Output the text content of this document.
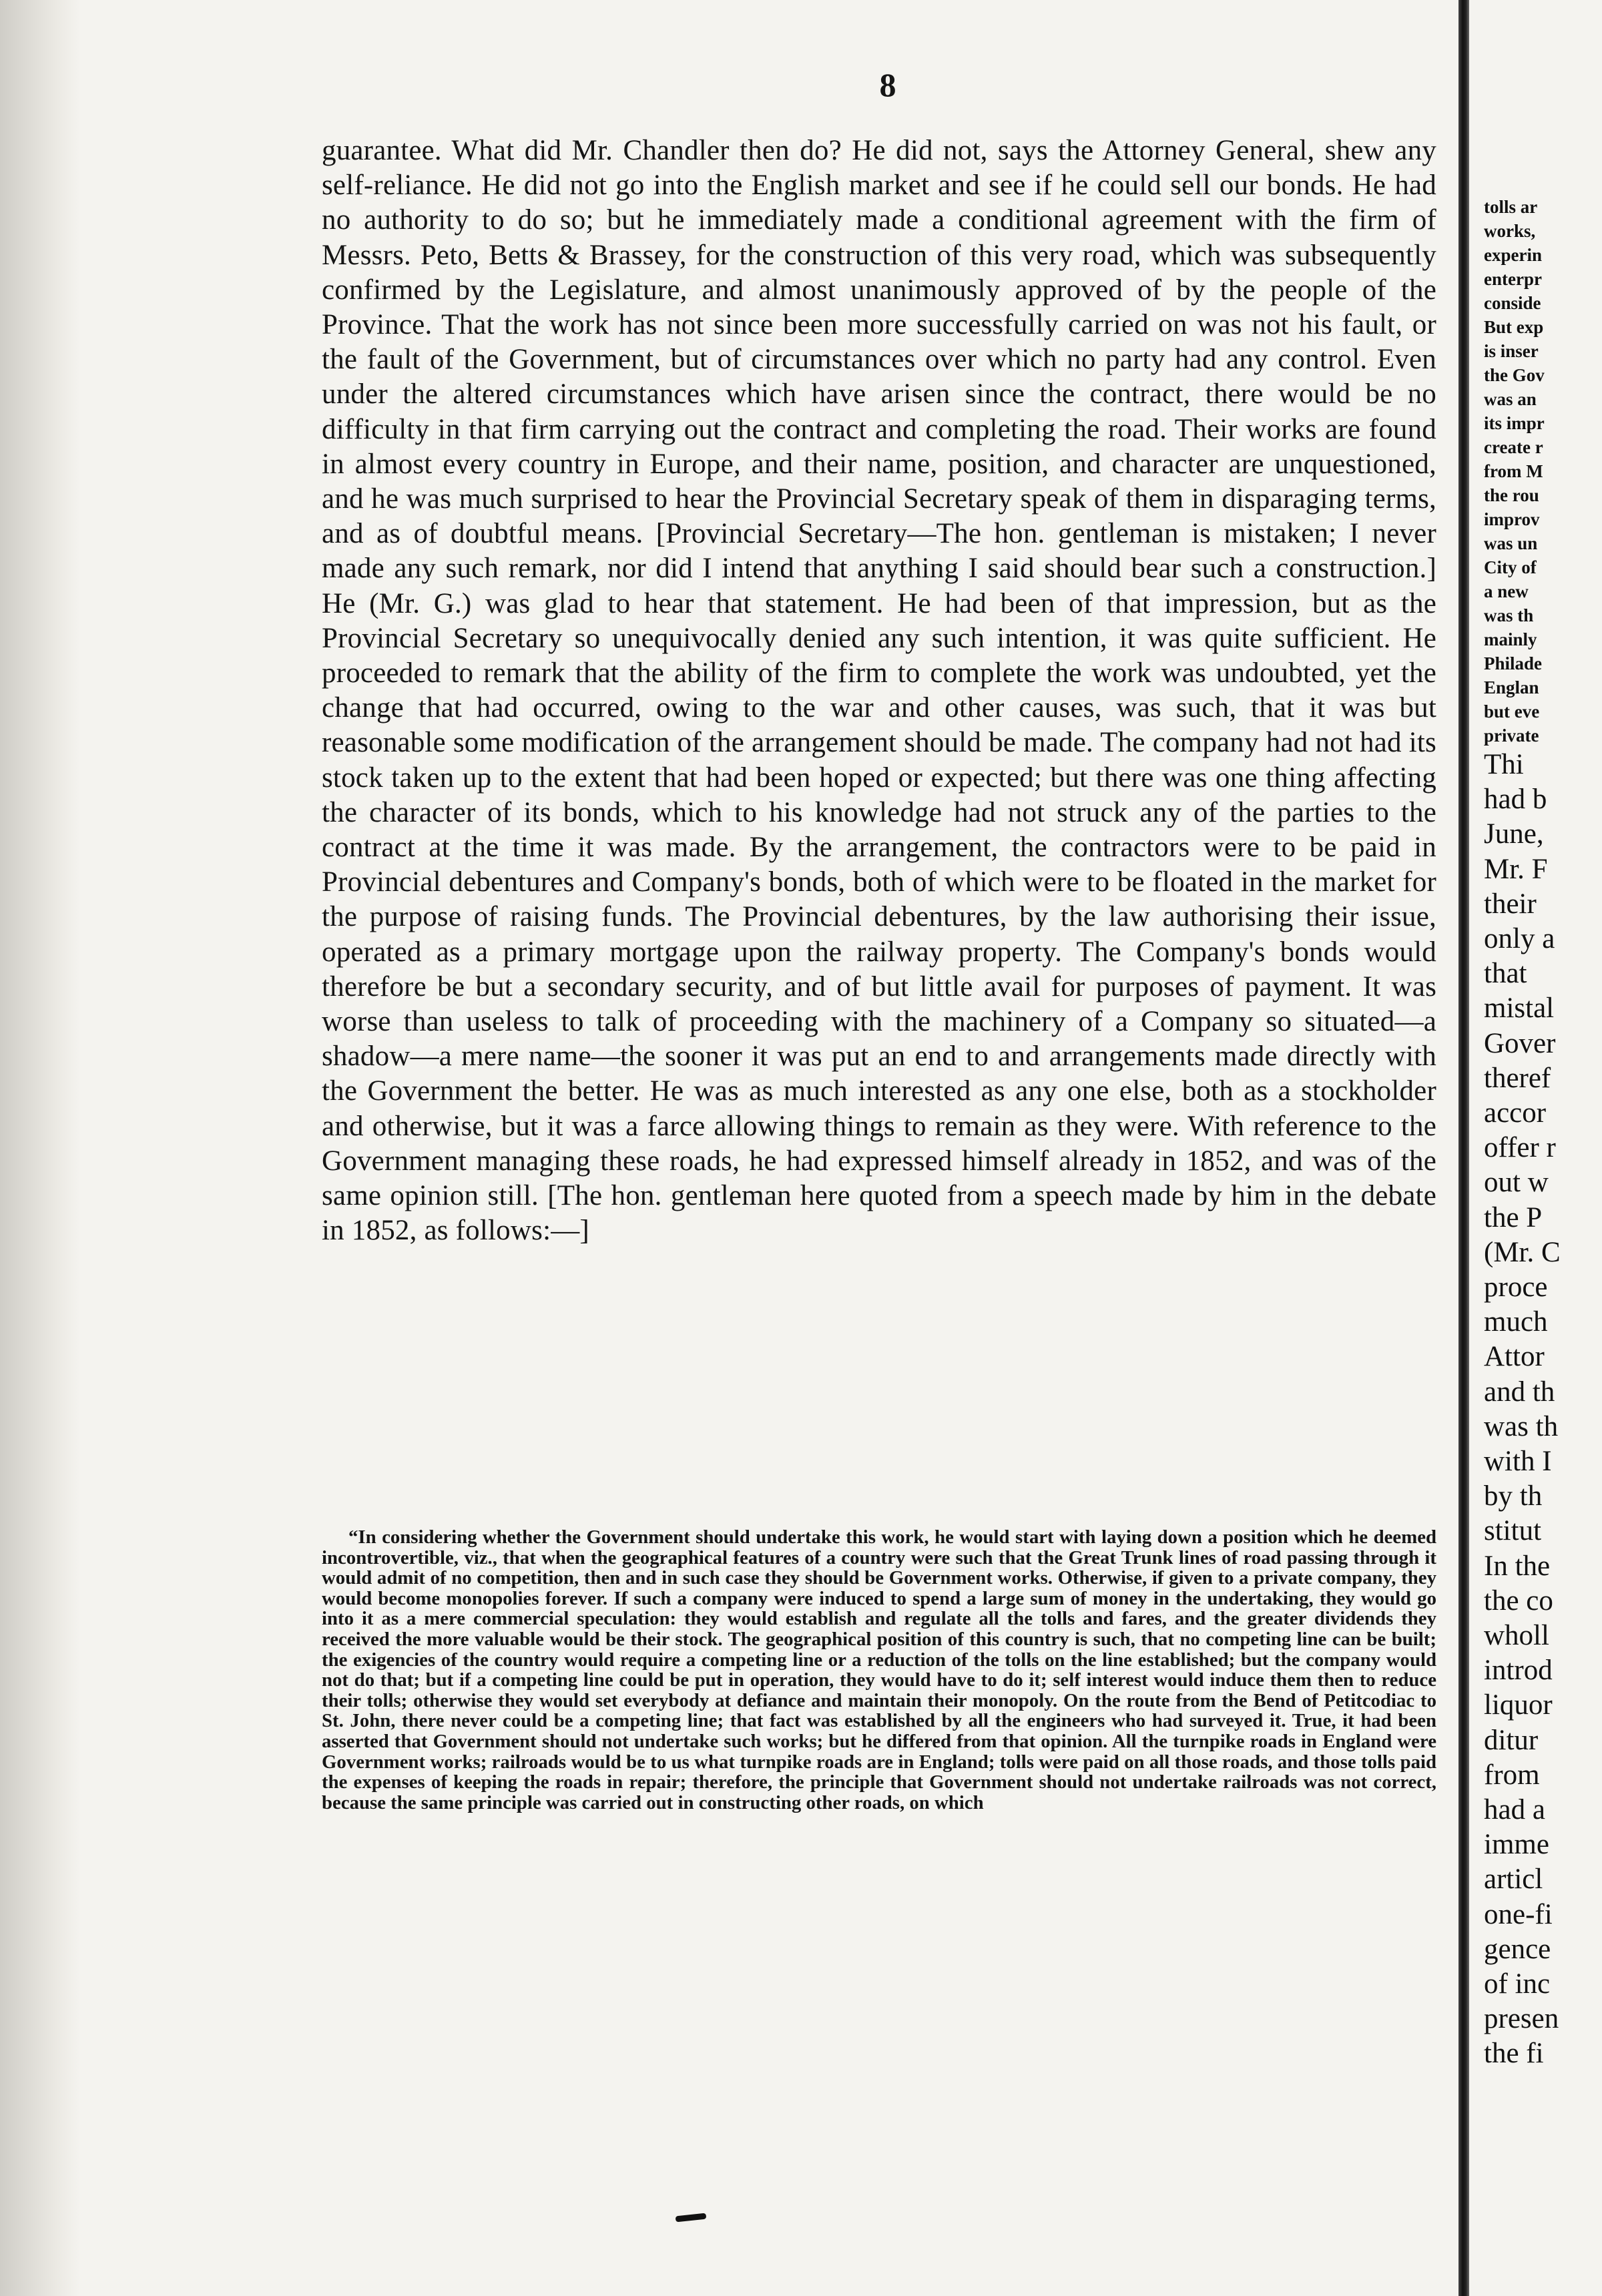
8

guarantee. What did Mr. Chandler then do? He did not, says the Attorney General, shew any self-reliance. He did not go into the English market and see if he could sell our bonds. He had no authority to do so; but he immediately made a conditional agreement with the firm of Messrs. Peto, Betts & Brassey, for the construction of this very road, which was subsequently confirmed by the Legislature, and almost unanimously approved of by the people of the Province. That the work has not since been more successfully carried on was not his fault, or the fault of the Government, but of circumstances over which no party had any control. Even under the altered circumstances which have arisen since the contract, there would be no difficulty in that firm carrying out the contract and completing the road. Their works are found in almost every country in Europe, and their name, position, and character are unquestioned, and he was much surprised to hear the Provincial Secretary speak of them in disparaging terms, and as of doubtful means. [Provincial Secretary—The hon. gentleman is mistaken; I never made any such remark, nor did I intend that anything I said should bear such a construction.] He (Mr. G.) was glad to hear that statement. He had been of that impression, but as the Provincial Secretary so unequivocally denied any such intention, it was quite sufficient. He proceeded to remark that the ability of the firm to complete the work was undoubted, yet the change that had occurred, owing to the war and other causes, was such, that it was but reasonable some modification of the arrangement should be made. The company had not had its stock taken up to the extent that had been hoped or expected; but there was one thing affecting the character of its bonds, which to his knowledge had not struck any of the parties to the contract at the time it was made. By the arrangement, the contractors were to be paid in Provincial debentures and Company's bonds, both of which were to be floated in the market for the purpose of raising funds. The Provincial debentures, by the law authorising their issue, operated as a primary mortgage upon the railway property. The Company's bonds would therefore be but a secondary security, and of but little avail for purposes of payment. It was worse than useless to talk of proceeding with the machinery of a Company so situated—a shadow—a mere name—the sooner it was put an end to and arrangements made directly with the Government the better. He was as much interested as any one else, both as a stockholder and otherwise, but it was a farce allowing things to remain as they were. With reference to the Government managing these roads, he had expressed himself already in 1852, and was of the same opinion still. [The hon. gentleman here quoted from a speech made by him in the debate in 1852, as follows:—]

“In considering whether the Government should undertake this work, he would start with laying down a position which he deemed incontrovertible, viz., that when the geographical features of a country were such that the Great Trunk lines of road passing through it would admit of no competition, then and in such case they should be Government works. Otherwise, if given to a private company, they would become monopolies forever. If such a company were induced to spend a large sum of money in the undertaking, they would go into it as a mere commercial speculation: they would establish and regulate all the tolls and fares, and the greater dividends they received the more valuable would be their stock. The geographical position of this country is such, that no competing line can be built; the exigencies of the country would require a competing line or a reduction of the tolls on the line established; but the company would not do that; but if a competing line could be put in operation, they would have to do it; self interest would induce them then to reduce their tolls; otherwise they would set everybody at defiance and maintain their monopoly. On the route from the Bend of Petitcodiac to St. John, there never could be a competing line; that fact was established by all the engineers who had surveyed it. True, it had been asserted that Government should not undertake such works; but he differed from that opinion. All the turnpike roads in England were Government works; railroads would be to us what turnpike roads are in England; tolls were paid on all those roads, and those tolls paid the expenses of keeping the roads in repair; therefore, the principle that Government should not undertake railroads was not correct, because the same principle was carried out in constructing other roads, on which

tolls ar
works,
experin
enterpr
conside
But exp
is inser
the Gov
was an
its impr
create r
from M
the rou
improv
was un
City of
a new
was th
mainly
Philade
Englan
but eve
private
Thi
had b
June,
Mr. F
their
only a
that
mistal
Gover
theref
accor
offer r
out w
the P
(Mr. C
proce
much
Attor
and th
was th
with I
by th
stitut
In the
the co
wholl
introd
liquor
ditur
from
had a
imme
articl
one-fi
gence
of inc
presen
the fi
